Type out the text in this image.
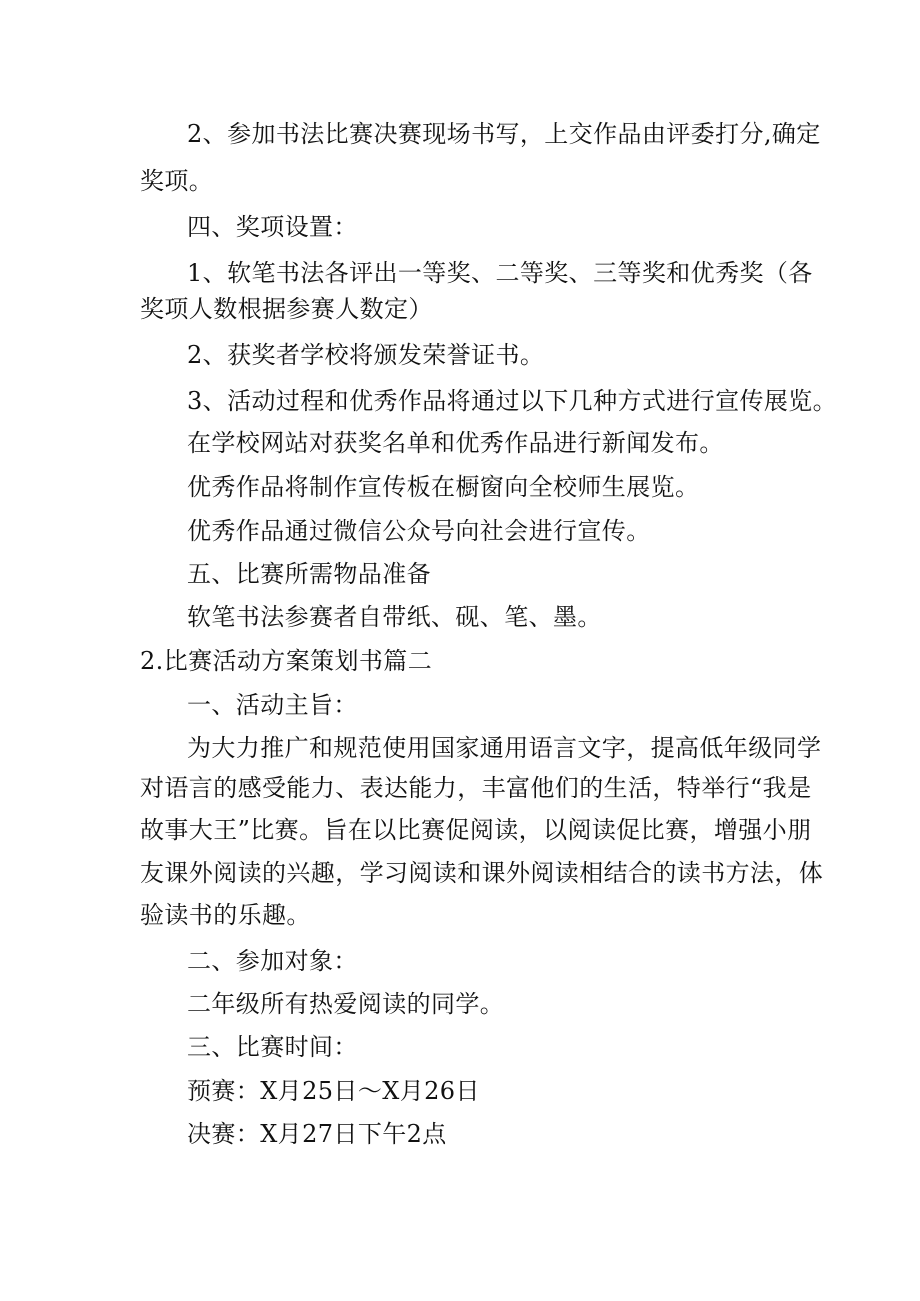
2、参加书法比赛决赛现场书写，上交作品由评委打分,确定
奖项。
四、奖项设置：
1、软笔书法各评出一等奖、二等奖、三等奖和优秀奖（各
奖项人数根据参赛人数定）
2、获奖者学校将颁发荣誉证书。
3、活动过程和优秀作品将通过以下几种方式进行宣传展览。
在学校网站对获奖名单和优秀作品进行新闻发布。
优秀作品将制作宣传板在橱窗向全校师生展览。
优秀作品通过微信公众号向社会进行宣传。
五、比赛所需物品准备
软笔书法参赛者自带纸、砚、笔、墨。
2.比赛活动方案策划书篇二
一、活动主旨：
为大力推广和规范使用国家通用语言文字，提高低年级同学
对语言的感受能力、表达能力，丰富他们的生活，特举行“我是
故事大王”比赛。旨在以比赛促阅读，以阅读促比赛，增强小朋
友课外阅读的兴趣，学习阅读和课外阅读相结合的读书方法，体
验读书的乐趣。
二、参加对象：
二年级所有热爱阅读的同学。
三、比赛时间：
预赛：X月25日～X月26日
决赛：X月27日下午2点
